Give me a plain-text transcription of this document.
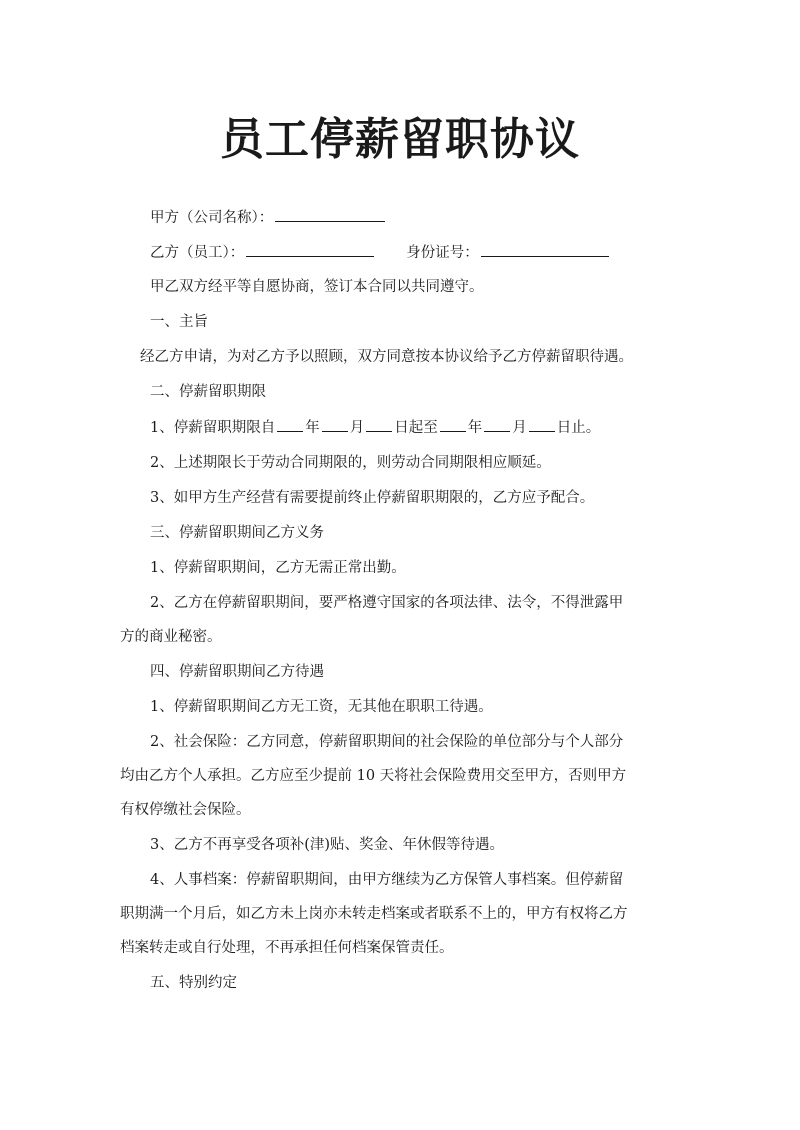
员工停薪留职协议
甲方（公司名称）：
乙方（员工）：	身份证号：
甲乙双方经平等自愿协商，签订本合同以共同遵守。
一、主旨
经乙方申请，为对乙方予以照顾，双方同意按本协议给予乙方停薪留职待遇。
二、停薪留职期限
1、停薪留职期限自 年 月 日起至 年 月 日止。
2、上述期限长于劳动合同期限的，则劳动合同期限相应顺延。
3、如甲方生产经营有需要提前终止停薪留职期限的，乙方应予配合。
三、停薪留职期间乙方义务
1、停薪留职期间，乙方无需正常出勤。
2、乙方在停薪留职期间，要严格遵守国家的各项法律、法令，不得泄露甲
方的商业秘密。
四、停薪留职期间乙方待遇
1、停薪留职期间乙方无工资，无其他在职职工待遇。
2、社会保险：乙方同意，停薪留职期间的社会保险的单位部分与个人部分
均由乙方个人承担。乙方应至少提前 10 天将社会保险费用交至甲方，否则甲方
有权停缴社会保险。
3、乙方不再享受各项补(津)贴、奖金、年休假等待遇。
4、人事档案：停薪留职期间，由甲方继续为乙方保管人事档案。但停薪留
职期满一个月后，如乙方未上岗亦未转走档案或者联系不上的，甲方有权将乙方
档案转走或自行处理，不再承担任何档案保管责任。
五、特别约定
